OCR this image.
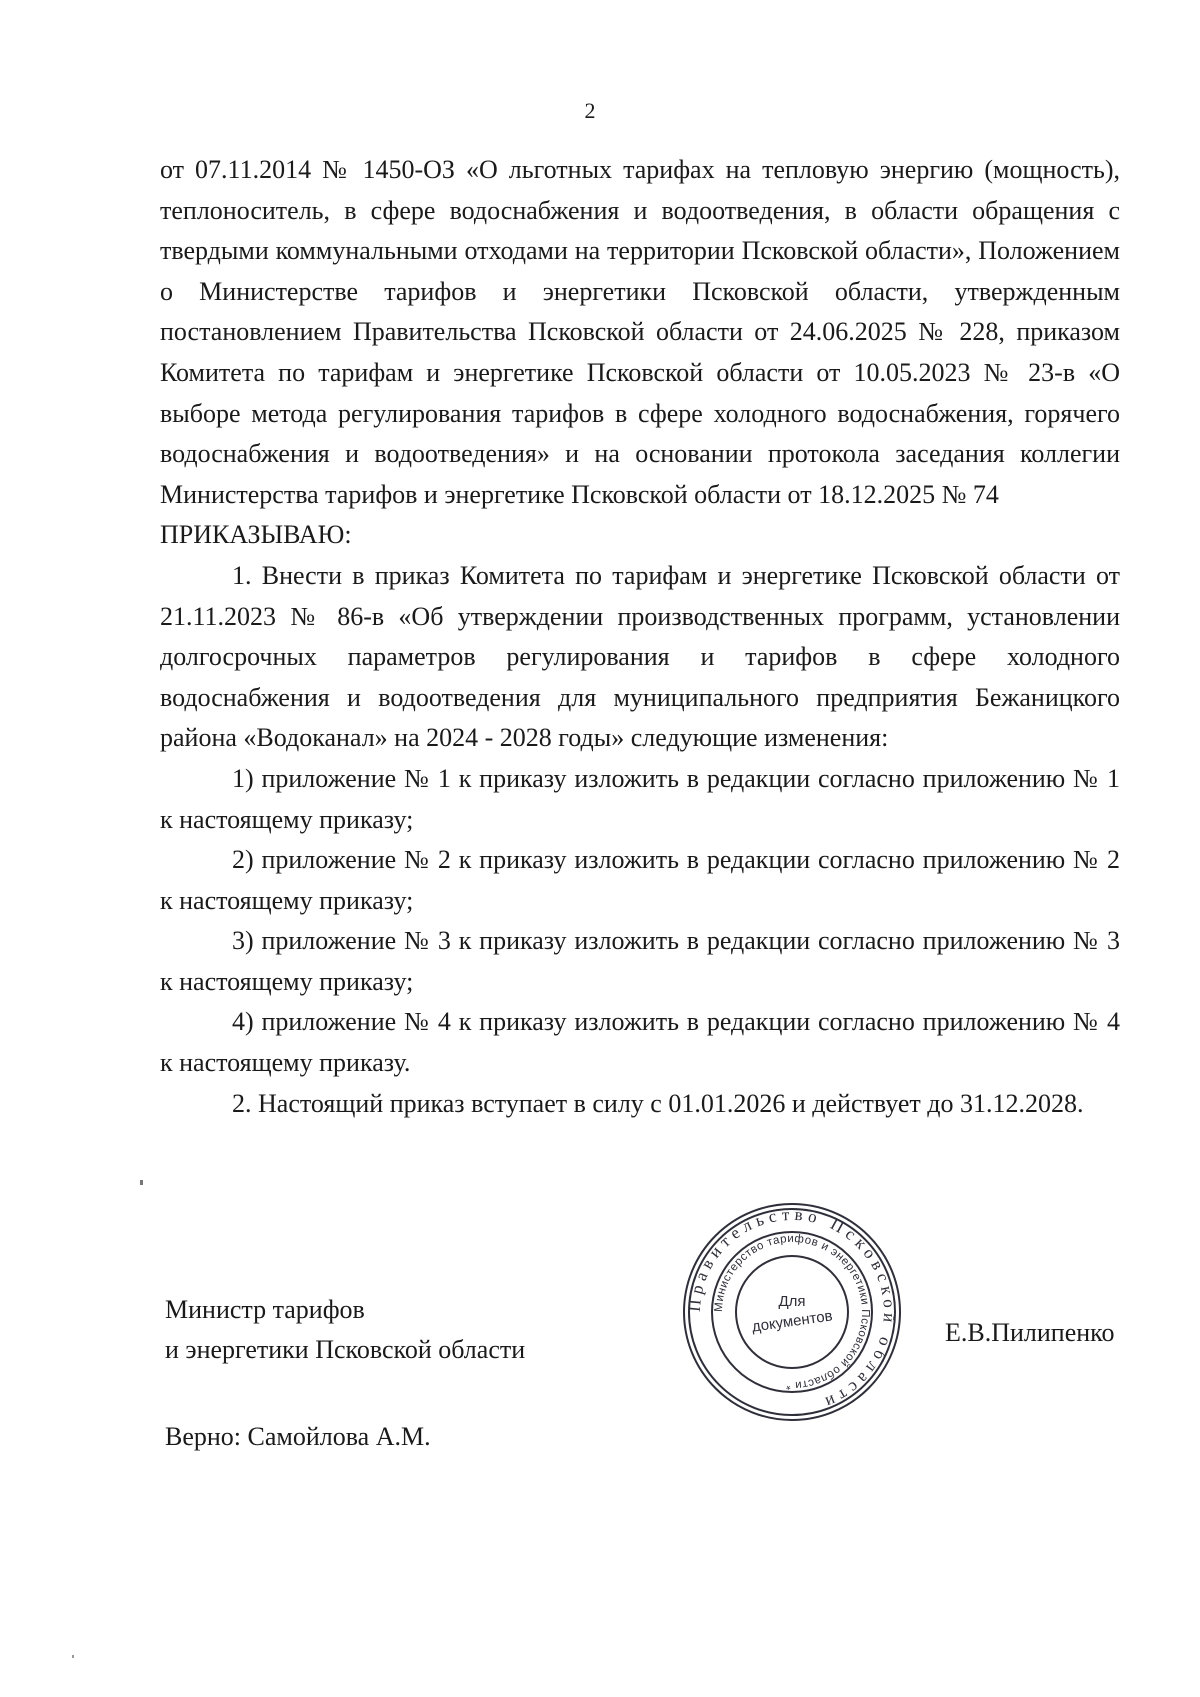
2

от 07.11.2014 № 1450-ОЗ «О льготных тарифах на тепловую энергию (мощность), теплоноситель, в сфере водоснабжения и водоотведения, в области обращения с твердыми коммунальными отходами на территории Псковской области», Положением о Министерстве тарифов и энергетики Псковской области, утвержденным постановлением Правительства Псковской области от 24.06.2025 № 228, приказом Комитета по тарифам и энергетике Псковской области от 10.05.2023 № 23-в «О выборе метода регулирования тарифов в сфере холодного водоснабжения, горячего водоснабжения и водоотведения» и на основании протокола заседания коллегии Министерства тарифов и энергетике Псковской области от 18.12.2025 № 74

ПРИКАЗЫВАЮ:

1. Внести в приказ Комитета по тарифам и энергетике Псковской области от 21.11.2023 № 86-в «Об утверждении производственных программ, установлении долгосрочных параметров регулирования и тарифов в сфере холодного водоснабжения и водоотведения для муниципального предприятия Бежаницкого района «Водоканал» на 2024 - 2028 годы» следующие изменения:

1) приложение № 1 к приказу изложить в редакции согласно приложению № 1 к настоящему приказу;

2) приложение № 2 к приказу изложить в редакции согласно приложению № 2 к настоящему приказу;

3) приложение № 3 к приказу изложить в редакции согласно приложению № 3 к настоящему приказу;

4) приложение № 4 к приказу изложить в редакции согласно приложению № 4 к настоящему приказу.

2. Настоящий приказ вступает в силу с 01.01.2026 и действует до 31.12.2028.

Министр тарифов
и энергетики Псковской области
Е.В.Пилипенко
Верно: Самойлова А.М.
Правительство Псковской области
Министерство тарифов и энергетики Псковской области *
Для
документов
